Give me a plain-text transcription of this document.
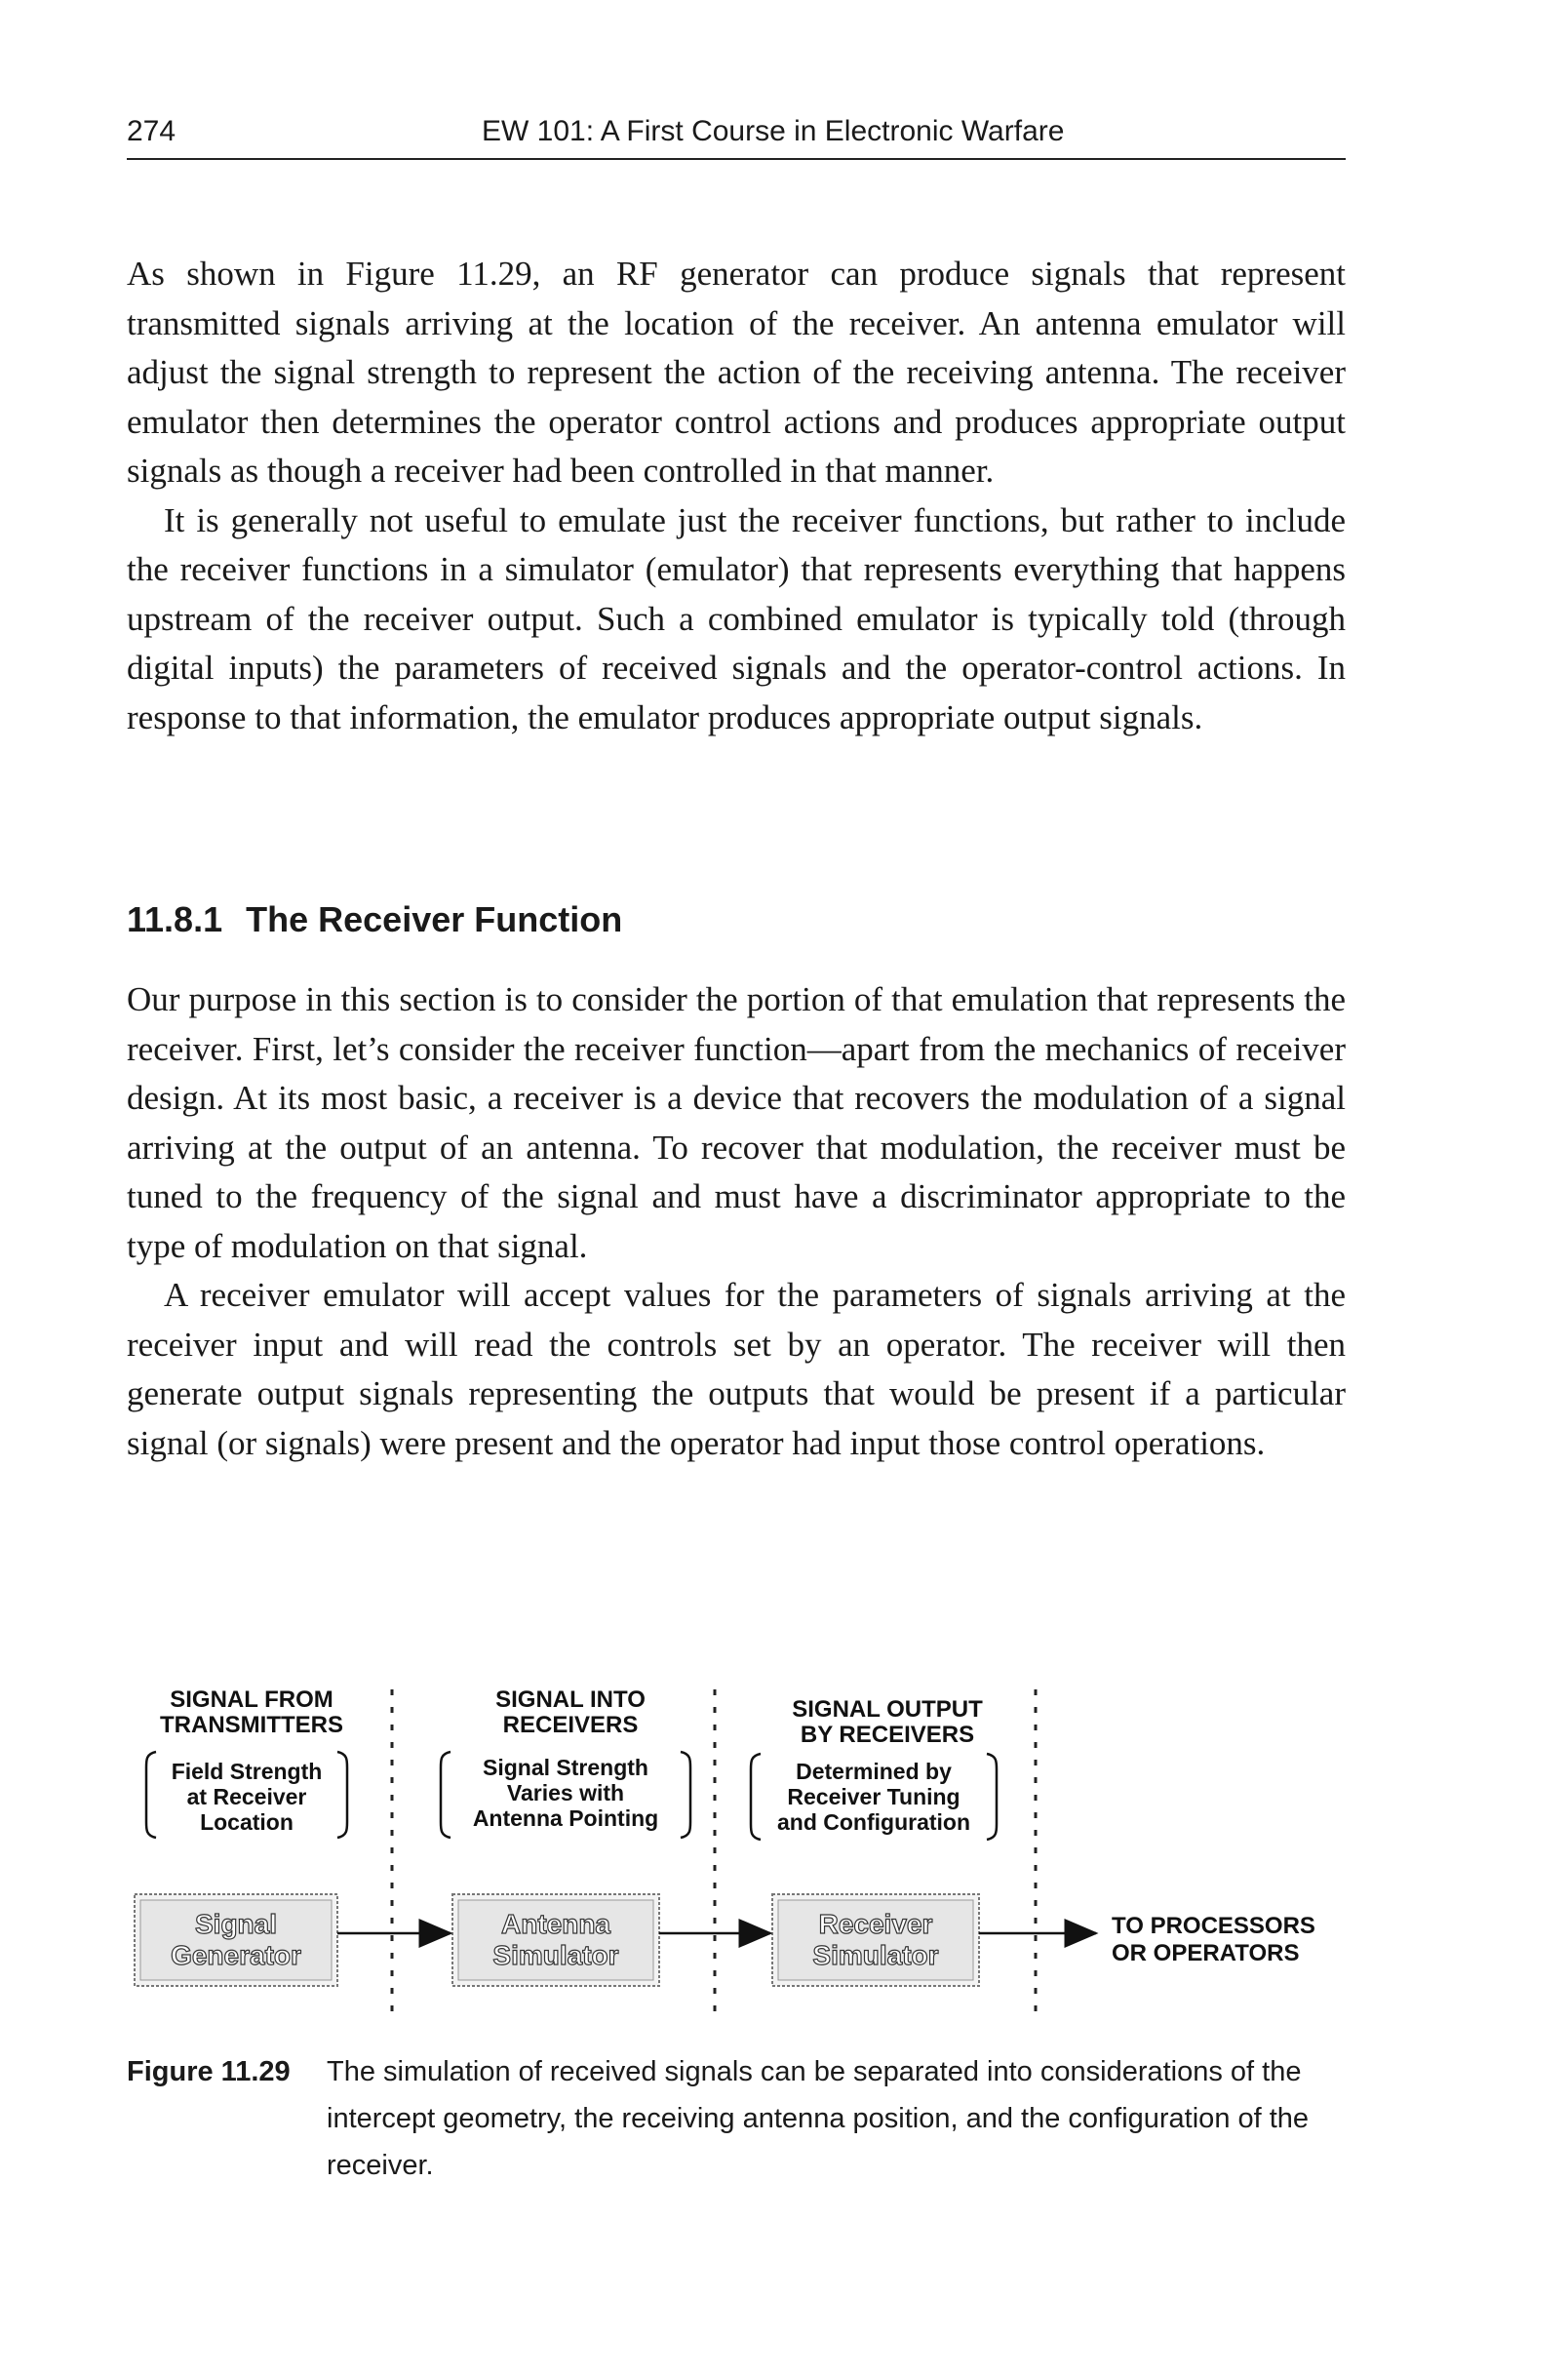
274	EW 101: A First Course in Electronic Warfare

As shown in Figure 11.29, an RF generator can produce signals that represent transmitted signals arriving at the location of the receiver. An antenna emulator will adjust the signal strength to represent the action of the receiving antenna. The receiver emulator then determines the operator control actions and produces appropriate output signals as though a receiver had been controlled in that manner.

It is generally not useful to emulate just the receiver functions, but rather to include the receiver functions in a simulator (emulator) that represents everything that happens upstream of the receiver output. Such a combined emulator is typically told (through digital inputs) the parameters of received signals and the operator-control actions. In response to that information, the emulator produces appropriate output signals.

11.8.1 The Receiver Function

Our purpose in this section is to consider the portion of that emulation that represents the receiver. First, let’s consider the receiver function—apart from the mechanics of receiver design. At its most basic, a receiver is a device that recovers the modulation of a signal arriving at the output of an antenna. To recover that modulation, the receiver must be tuned to the frequency of the signal and must have a discriminator appropriate to the type of modulation on that signal.

A receiver emulator will accept values for the parameters of signals arriving at the receiver input and will read the controls set by an operator. The receiver will then generate output signals representing the outputs that would be present if a particular signal (or signals) were present and the operator had input those control operations.

SIGNAL FROM
TRANSMITTERS
SIGNAL INTO
RECEIVERS
SIGNAL OUTPUT
BY RECEIVERS
Field Strength
at Receiver
Location
Signal Strength
Varies with
Antenna Pointing
Determined by
Receiver Tuning
and Configuration
Signal
Generator
Antenna
Simulator
Receiver
Simulator
TO PROCESSORS
OR OPERATORS
Figure 11.29 The simulation of received signals can be separated into considerations of the intercept geometry, the receiving antenna position, and the configuration of the receiver.
